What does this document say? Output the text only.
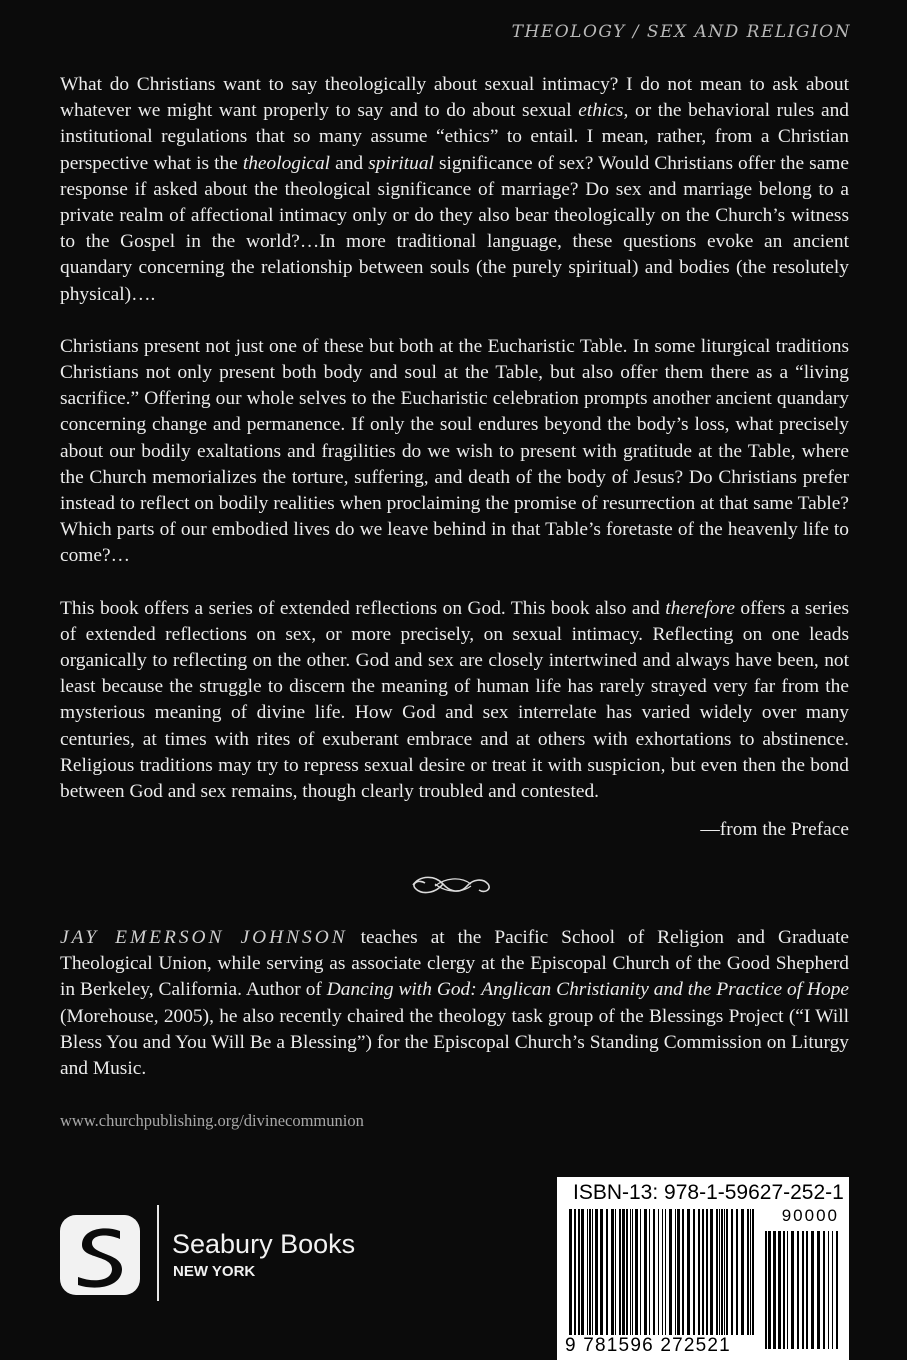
THEOLOGY / SEX AND RELIGION

What do Christians want to say theologically about sexual intimacy? I do not mean to ask about whatever we might want properly to say and to do about sexual ethics, or the behavioral rules and institutional regulations that so many assume “ethics” to entail. I mean, rather, from a Christian perspective what is the theological and spiritual significance of sex? Would Christians offer the same response if asked about the theological significance of marriage? Do sex and marriage belong to a private realm of affectional intimacy only or do they also bear theologically on the Church’s witness to the Gospel in the world?…In more traditional language, these questions evoke an ancient quandary concerning the relationship between souls (the purely spiritual) and bodies (the resolutely physical)….

Christians present not just one of these but both at the Eucharistic Table. In some liturgical traditions Christians not only present both body and soul at the Table, but also offer them there as a “living sacrifice.” Offering our whole selves to the Eucharistic celebration prompts another ancient quandary concerning change and permanence. If only the soul endures beyond the body’s loss, what precisely about our bodily exaltations and fragilities do we wish to present with gratitude at the Table, where the Church memorializes the torture, suffering, and death of the body of Jesus? Do Christians prefer instead to reflect on bodily realities when proclaiming the promise of resurrection at that same Table? Which parts of our embodied lives do we leave behind in that Table’s foretaste of the heavenly life to come?…

This book offers a series of extended reflections on God. This book also and therefore offers a series of extended reflections on sex, or more precisely, on sexual intimacy. Reflecting on one leads organically to reflecting on the other. God and sex are closely intertwined and always have been, not least because the struggle to discern the meaning of human life has rarely strayed very far from the mysterious meaning of divine life. How God and sex interrelate has varied widely over many centuries, at times with rites of exuberant embrace and at others with exhortations to abstinence. Religious traditions may try to repress sexual desire or treat it with suspicion, but even then the bond between God and sex remains, though clearly troubled and contested.

—from the Preface
JAY EMERSON JOHNSON teaches at the Pacific School of Religion and Graduate Theological Union, while serving as associate clergy at the Episcopal Church of the Good Shepherd in Berkeley, California. Author of Dancing with God: Anglican Christianity and the Practice of Hope (Morehouse, 2005), he also recently chaired the theology task group of the Blessings Project (“I Will Bless You and You Will Be a Blessing”) for the Episcopal Church’s Standing Commission on Liturgy and Music.
www.churchpublishing.org/divinecommunion
Seabury Books
NEW YORK
ISBN-13: 978-1-59627-252-1
90000
9 781596 272521
